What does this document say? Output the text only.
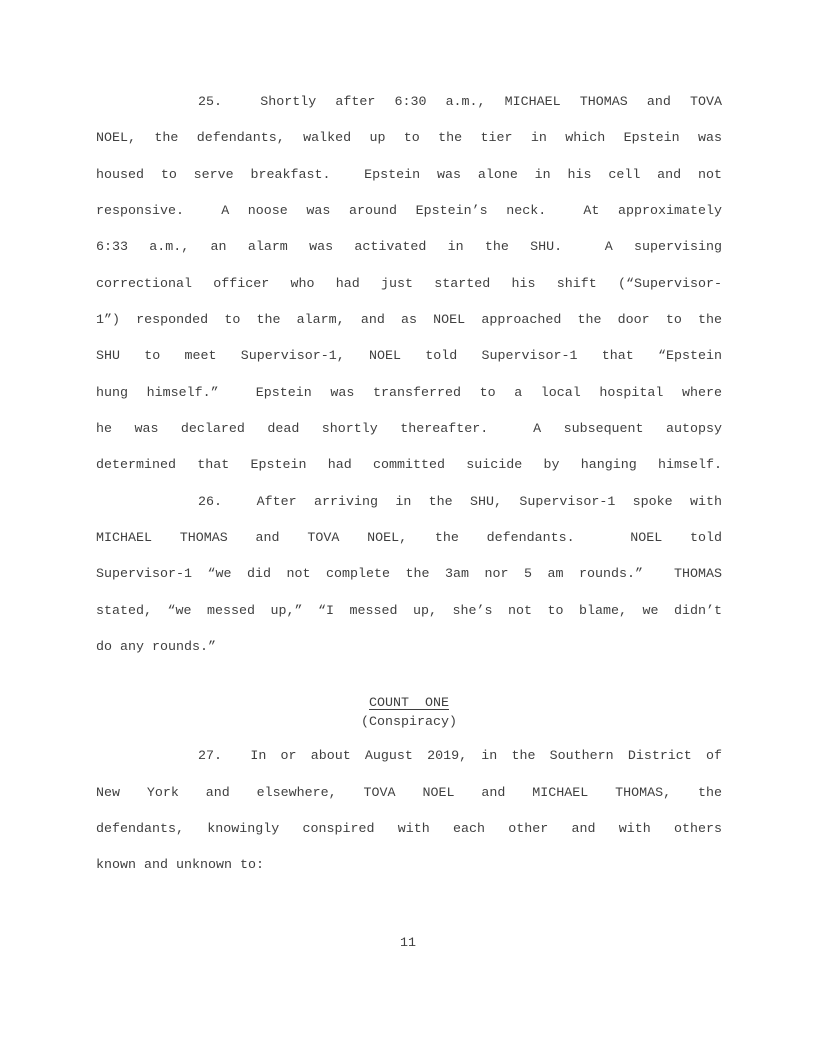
25.  Shortly after 6:30 a.m., MICHAEL THOMAS and TOVA
NOEL, the defendants, walked up to the tier in which Epstein was
housed to serve breakfast.  Epstein was alone in his cell and not
responsive.  A noose was around Epstein’s neck.  At approximately
6:33 a.m., an alarm was activated in the SHU.  A supervising
correctional officer who had just started his shift (“Supervisor-
1”) responded to the alarm, and as NOEL approached the door to the
SHU to meet Supervisor-1, NOEL told Supervisor-1 that “Epstein
hung himself.”  Epstein was transferred to a local hospital where
he was declared dead shortly thereafter.  A subsequent autopsy
determined that Epstein had committed suicide by hanging himself.
26.  After arriving in the SHU, Supervisor-1 spoke with
MICHAEL THOMAS and TOVA NOEL, the defendants.  NOEL told
Supervisor-1 “we did not complete the 3am nor 5 am rounds.”  THOMAS
stated, “we messed up,” “I messed up, she’s not to blame, we didn’t
do any rounds.”
COUNT  ONE
(Conspiracy)
27.  In or about August 2019, in the Southern District of
New York and elsewhere, TOVA NOEL and MICHAEL THOMAS, the
defendants, knowingly conspired with each other and with others
known and unknown to:
11
